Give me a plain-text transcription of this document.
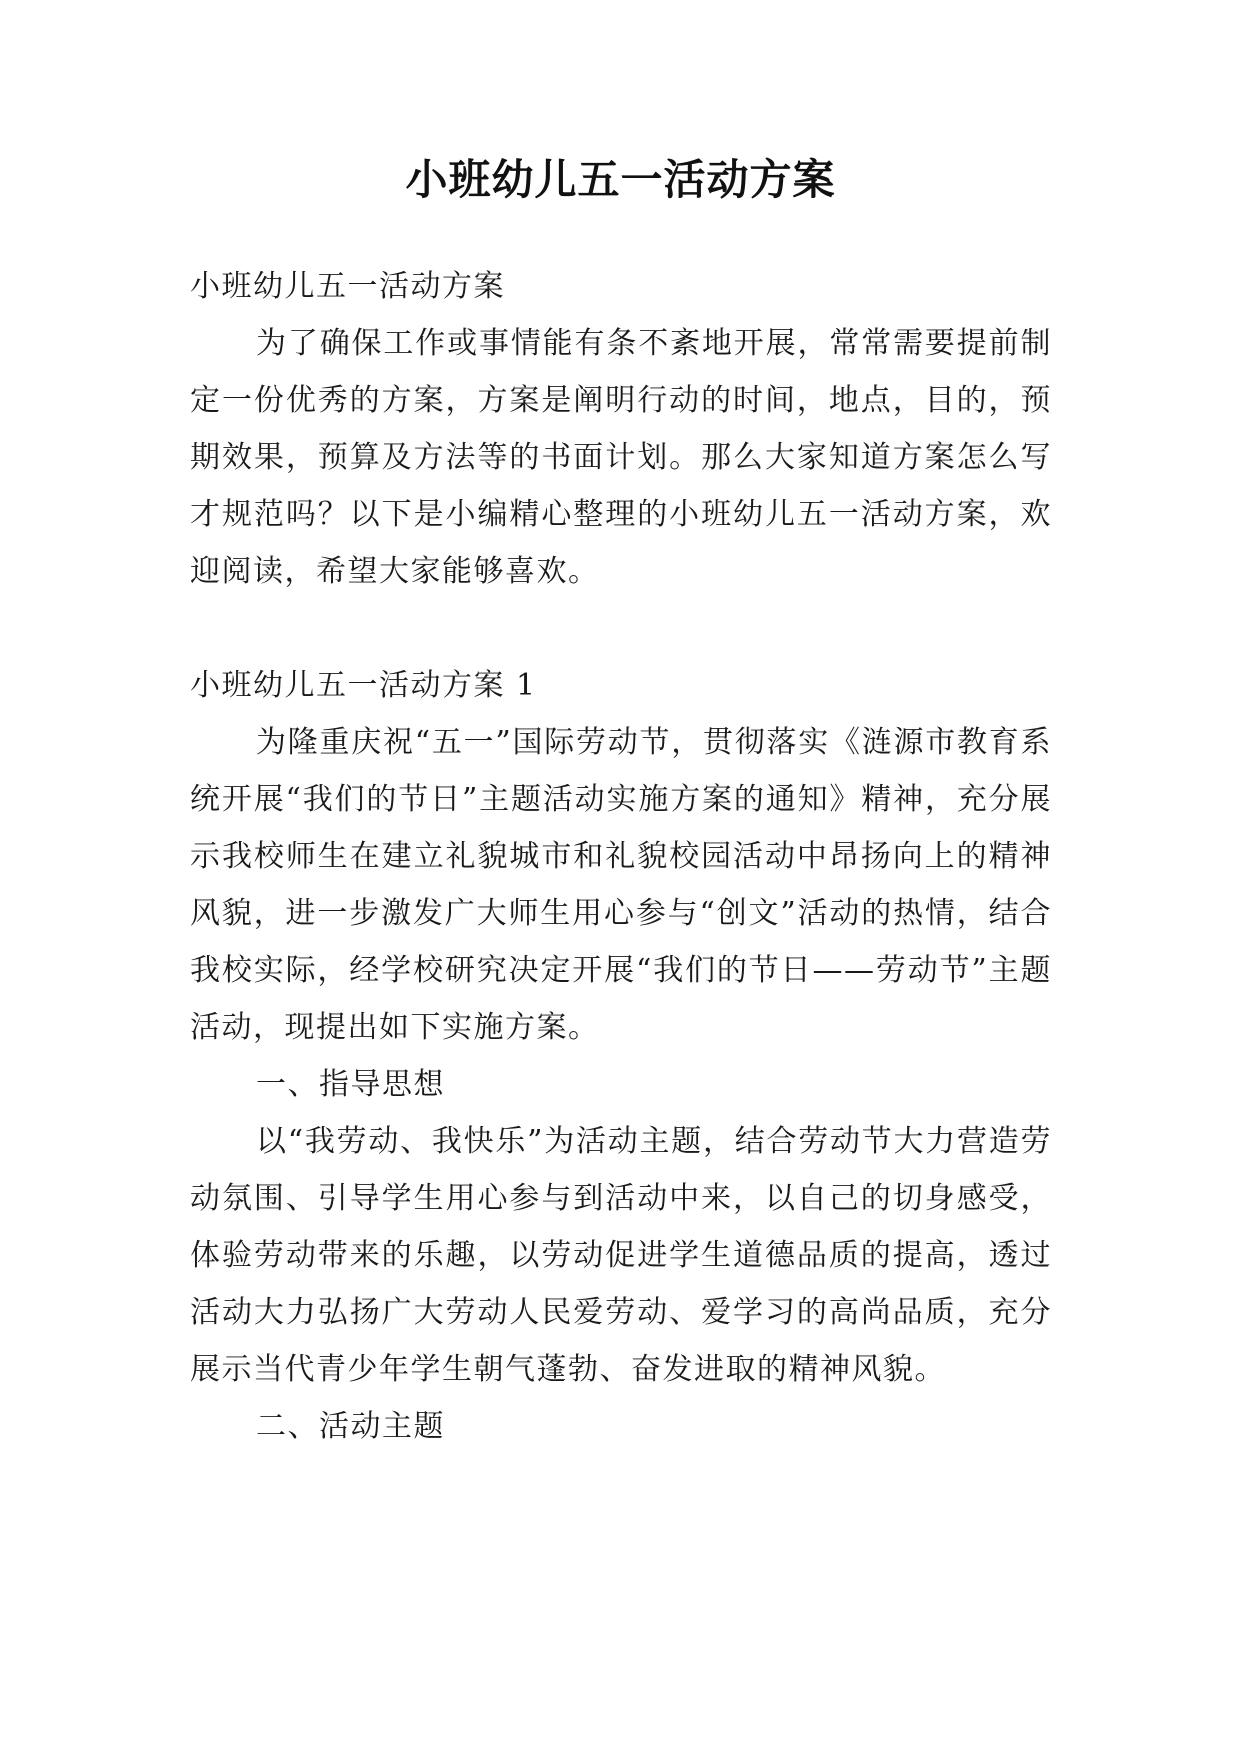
小班幼儿五一活动方案

小班幼儿五一活动方案

为了确保工作或事情能有条不紊地开展，常常需要提前制定一份优秀的方案，方案是阐明行动的时间，地点，目的，预期效果，预算及方法等的书面计划。那么大家知道方案怎么写才规范吗？以下是小编精心整理的小班幼儿五一活动方案，欢迎阅读，希望大家能够喜欢。

小班幼儿五一活动方案 1

为隆重庆祝“五一”国际劳动节，贯彻落实《涟源市教育系统开展“我们的节日”主题活动实施方案的通知》精神，充分展示我校师生在建立礼貌城市和礼貌校园活动中昂扬向上的精神风貌，进一步激发广大师生用心参与“创文”活动的热情，结合我校实际，经学校研究决定开展“我们的节日——劳动节”主题活动，现提出如下实施方案。

一、指导思想

以“我劳动、我快乐”为活动主题，结合劳动节大力营造劳动氛围、引导学生用心参与到活动中来，以自己的切身感受，体验劳动带来的乐趣，以劳动促进学生道德品质的提高，透过活动大力弘扬广大劳动人民爱劳动、爱学习的高尚品质，充分展示当代青少年学生朝气蓬勃、奋发进取的精神风貌。

二、活动主题
